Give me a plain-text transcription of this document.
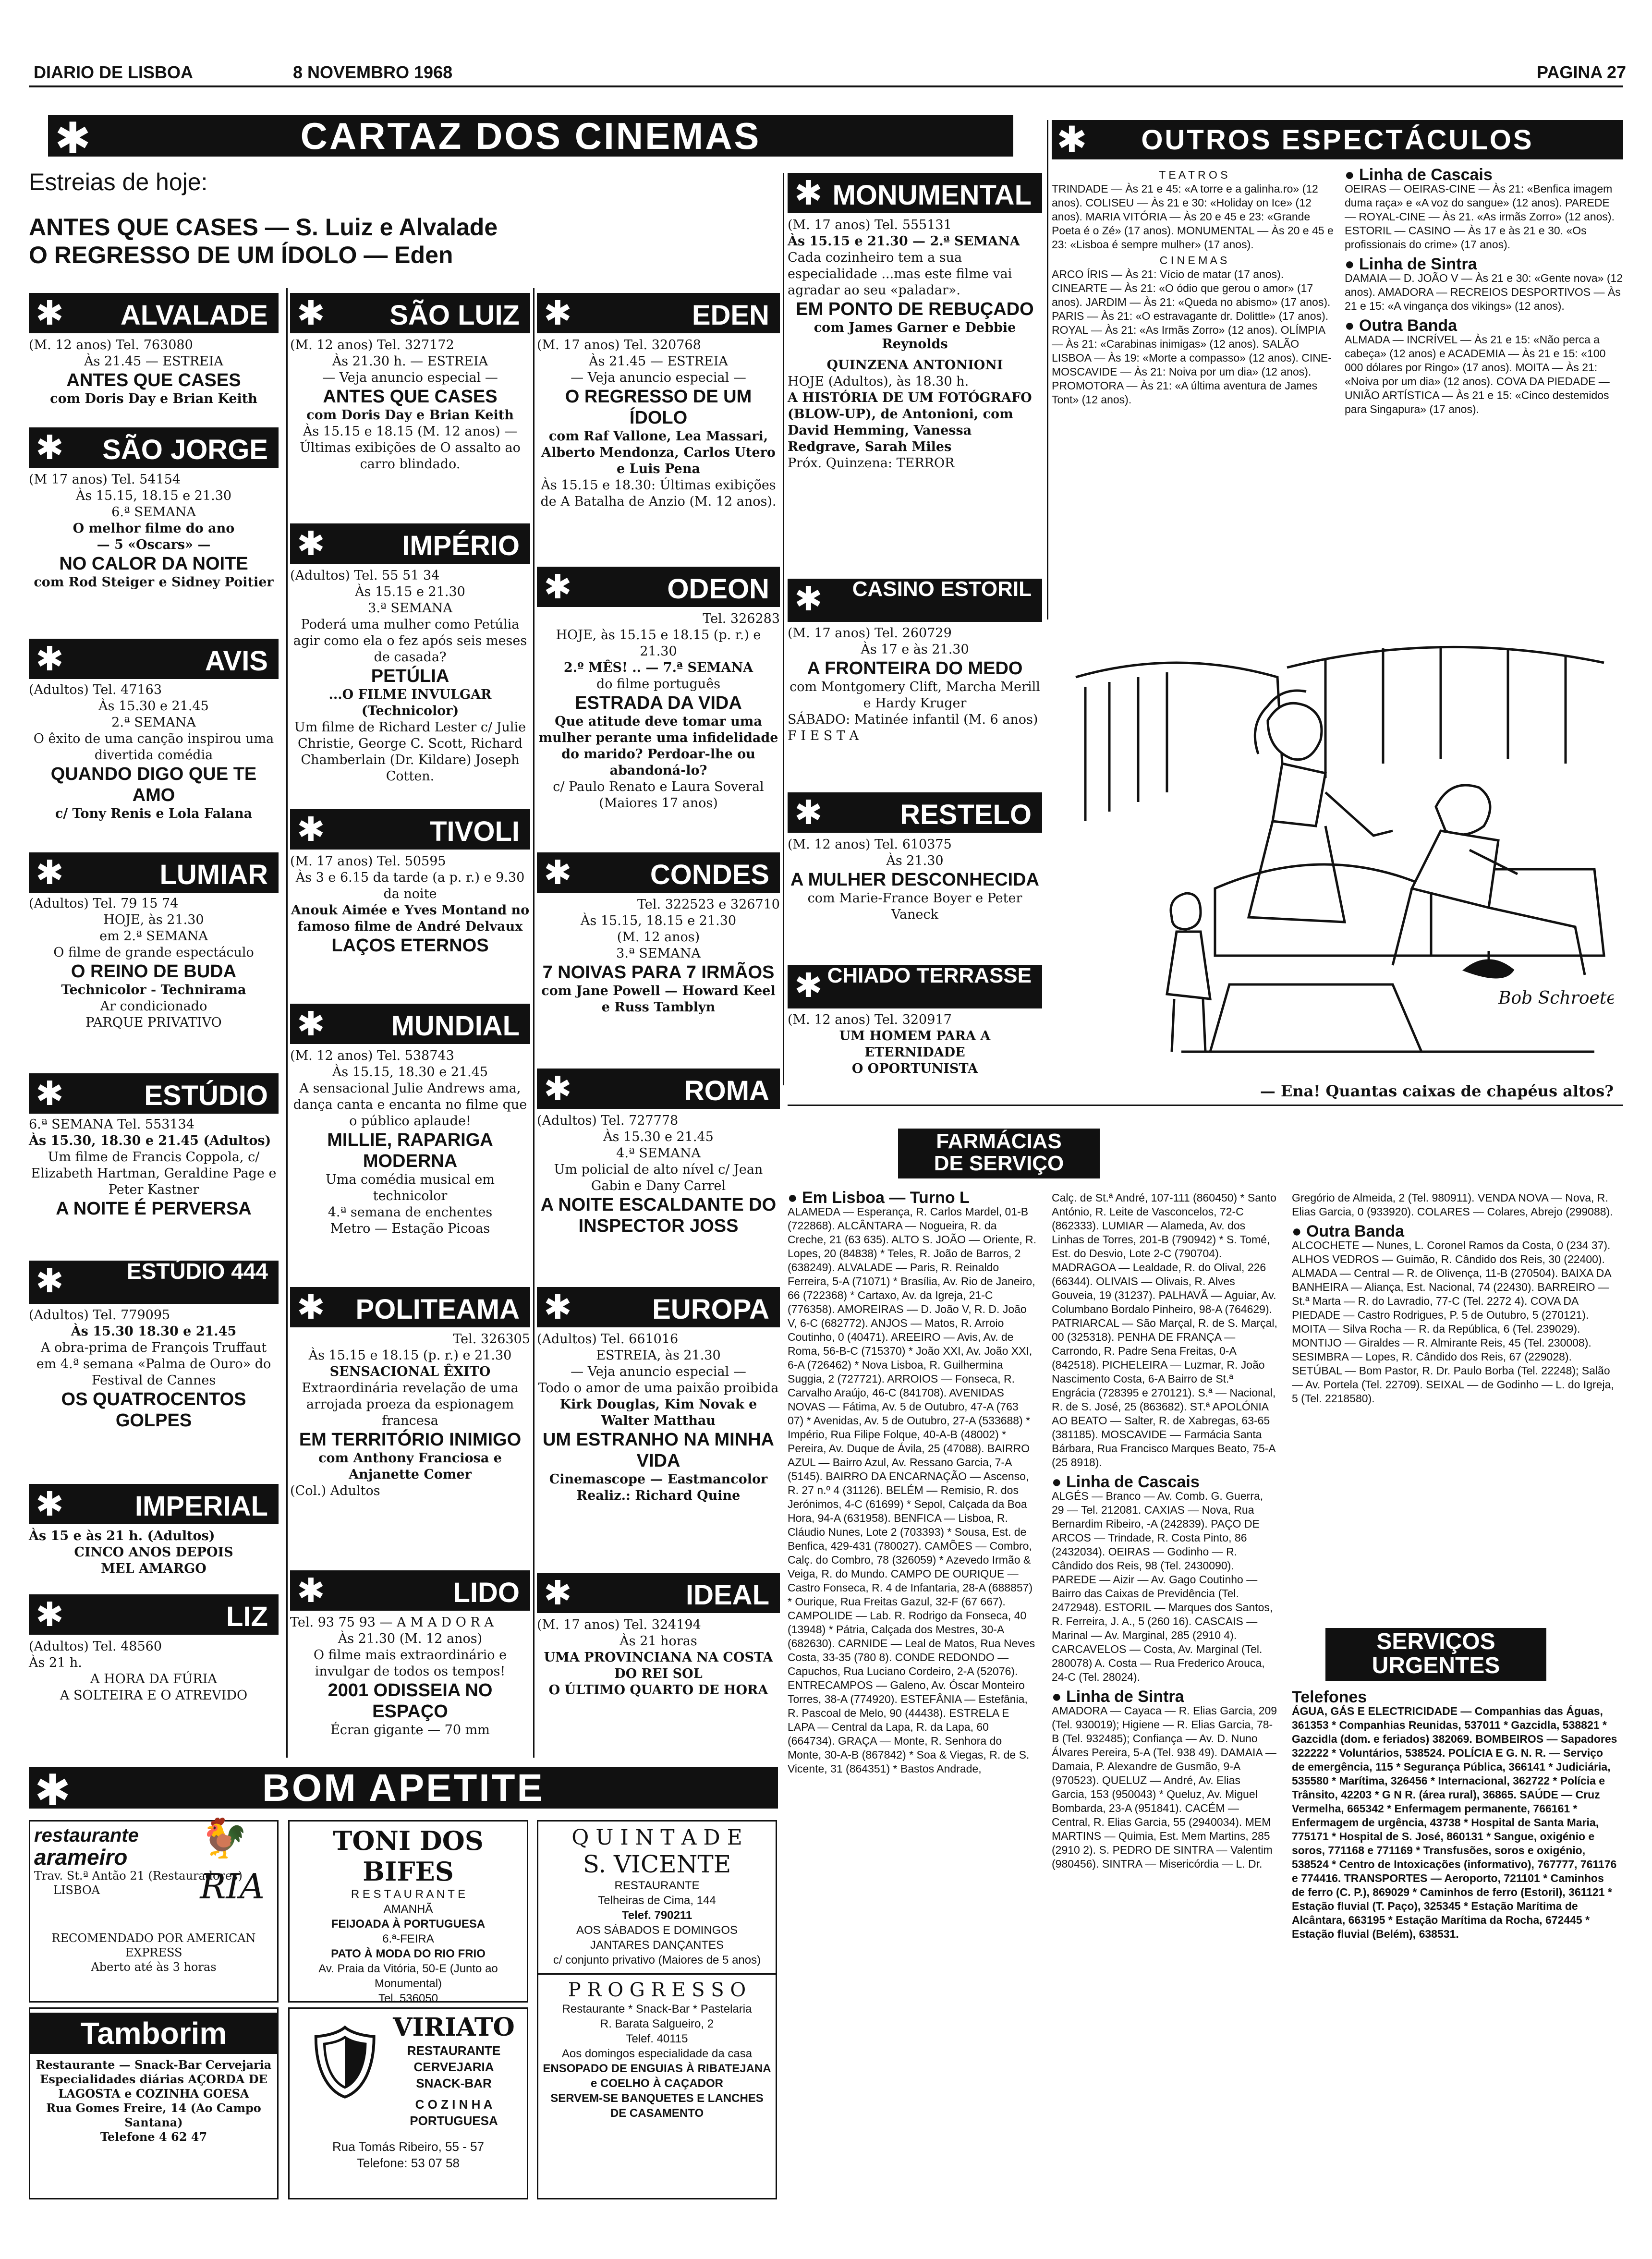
DIARIO DE LISBOA	8 NOVEMBRO 1968	PAGINA 27
✱	CARTAZ DOS CINEMAS

Estreias de hoje:

ANTES QUE CASES — S. Luiz e Alvalade

O REGRESSO DE UM ÍDOLO — Eden

✱ ALVALADE

(M. 12 anos) Tel. 763080

Às 21.45 — ESTREIA

ANTES QUE CASES

com Doris Day e Brian Keith

✱ SÃO JORGE

(M 17 anos) Tel. 54154

Às 15.15, 18.15 e 21.30

6.ª SEMANA

O melhor filme do ano

— 5 «Oscars» —

NO CALOR DA NOITE

com Rod Steiger e Sidney Poitier

✱	AVIS

(Adultos) Tel. 47163

Às 15.30 e 21.45

2.ª SEMANA

O êxito de uma canção inspirou uma divertida comédia

QUANDO DIGO QUE TE AMO

c/ Tony Renis e Lola Falana

✱	LUMIAR

(Adultos) Tel. 79 15 74

HOJE, às 21.30

em 2.ª SEMANA

O filme de grande espectáculo

O REINO DE BUDA

Technicolor - Technirama

Ar condicionado

PARQUE PRIVATIVO

✱	ESTÚDIO

6.ª SEMANA Tel. 553134

Às 15.30, 18.30 e 21.45 (Adultos)

Um filme de Francis Coppola, c/ Elizabeth Hartman, Geraldine Page e Peter Kastner

A NOITE É PERVERSA

✱	ESTÚDIO 444

(Adultos) Tel. 779095

Às 15.30 18.30 e 21.45

A obra-prima de François Truffaut em 4.ª semana «Palma de Ouro» do Festival de Cannes

OS QUATROCENTOS GOLPES

✱	IMPERIAL

Às 15 e às 21 h. (Adultos)

CINCO ANOS DEPOIS

MEL AMARGO

✱	LIZ

(Adultos) Tel. 48560

Às 21 h.

A HORA DA FÚRIA

A SOLTEIRA E O ATREVIDO

✱ SÃO LUIZ

(M. 12 anos) Tel. 327172

Às 21.30 h. — ESTREIA

— Veja anuncio especial —

ANTES QUE CASES

com Doris Day e Brian Keith

Às 15.15 e 18.15 (M. 12 anos) — Últimas exibições de O assalto ao carro blindado.

✱	IMPÉRIO

(Adultos) Tel. 55 51 34

Às 15.15 e 21.30

3.ª SEMANA

Poderá uma mulher como Petúlia agir como ela o fez após seis meses de casada?

PETÚLIA

...O FILME INVULGAR (Technicolor)

Um filme de Richard Lester c/ Julie Christie, George C. Scott, Richard Chamberlain (Dr. Kildare) Joseph Cotten.

✱	TIVOLI

(M. 17 anos) Tel. 50595

Às 3 e 6.15 da tarde (a p. r.) e 9.30 da noite

Anouk Aimée e Yves Montand no famoso filme de André Delvaux

LAÇOS ETERNOS

✱ MUNDIAL

(M. 12 anos) Tel. 538743

Às 15.15, 18.30 e 21.45

A sensacional Julie Andrews ama, dança canta e encanta no filme que o público aplaude!

MILLIE, RAPARIGA MODERNA

Uma comédia musical em technicolor

4.ª semana de enchentes

Metro — Estação Picoas

✱ POLITEAMA

Tel. 326305

Às 15.15 e 18.15 (p. r.) e 21.30

SENSACIONAL ÊXITO

Extraordinária revelação de uma arrojada proeza da espionagem francesa

EM TERRITÓRIO INIMIGO

com Anthony Franciosa e Anjanette Comer

(Col.) Adultos

✱	LIDO

Tel. 93 75 93 — A M A D O R A

Às 21.30 (M. 12 anos)

O filme mais extraordinário e invulgar de todos os tempos!

2001 ODISSEIA NO ESPAÇO

Écran gigante — 70 mm

✱	EDEN

(M. 17 anos) Tel. 320768

Às 21.45 — ESTREIA

— Veja anuncio especial —

O REGRESSO DE UM ÍDOLO

com Raf Vallone, Lea Massari, Alberto Mendonza, Carlos Utero e Luis Pena

Às 15.15 e 18.30: Últimas exibições de A Batalha de Anzio (M. 12 anos).

✱	ODEON

Tel. 326283

HOJE, às 15.15 e 18.15 (p. r.) e 21.30

2.º MÊS! .. — 7.ª SEMANA

do filme português

ESTRADA DA VIDA

Que atitude deve tomar uma mulher perante uma infidelidade do marido? Perdoar-lhe ou abandoná-lo?

c/ Paulo Renato e Laura Soveral (Maiores 17 anos)

✱	CONDES

Tel. 322523 e 326710

Às 15.15, 18.15 e 21.30

(M. 12 anos)

3.ª SEMANA

7 NOIVAS PARA 7 IRMÃOS

com Jane Powell — Howard Keel e Russ Tamblyn

✱	ROMA

(Adultos) Tel. 727778

Às 15.30 e 21.45

4.ª SEMANA

Um policial de alto nível c/ Jean Gabin e Dany Carrel

A NOITE ESCALDANTE DO INSPECTOR JOSS

✱	EUROPA

(Adultos) Tel. 661016

ESTREIA, às 21.30

— Veja anuncio especial —

Todo o amor de uma paixão proibida

Kirk Douglas, Kim Novak e Walter Matthau

UM ESTRANHO NA MINHA VIDA

Cinemascope — Eastmancolor

Realiz.: Richard Quine

✱	IDEAL

(M. 17 anos) Tel. 324194

Às 21 horas

UMA PROVINCIANA NA COSTA DO REI SOL

O ÚLTIMO QUARTO DE HORA

✱ MONUMENTAL

(M. 17 anos) Tel. 555131

Às 15.15 e 21.30 — 2.ª SEMANA

Cada cozinheiro tem a sua especialidade ...mas este filme vai agradar ao seu «paladar».

EM PONTO DE REBUÇADO

com James Garner e Debbie Reynolds

QUINZENA ANTONIONI

HOJE (Adultos), às 18.30 h.

A HISTÓRIA DE UM FOTÓGRAFO (BLOW-UP), de Antonioni, com David Hemming, Vanessa Redgrave, Sarah Miles

Próx. Quinzena: TERROR

✱ CASINO ESTORIL

(M. 17 anos) Tel. 260729

Às 17 e às 21.30

A FRONTEIRA DO MEDO

com Montgomery Clift, Marcha Merill e Hardy Kruger

SÁBADO: Matinée infantil (M. 6 anos) F I E S T A

✱	RESTELO

(M. 12 anos) Tel. 610375

Às 21.30

A MULHER DESCONHECIDA

com Marie-France Boyer e Peter Vaneck

✱ CHIADO TERRASSE

(M. 12 anos) Tel. 320917

UM HOMEM PARA A ETERNIDADE

O OPORTUNISTA

✱ OUTROS ESPECTÁCULOS

T E A T R O S

TRINDADE — Às 21 e 45: «A torre e a galinha.ro» (12 anos). COLISEU — Às 21 e 30: «Holiday on Ice» (12 anos). MARIA VITÓRIA — Às 20 e 45 e 23: «Grande Poeta é o Zé» (17 anos). MONUMENTAL — Às 20 e 45 e 23: «Lisboa é sempre mulher» (17 anos).

C I N E M A S

ARCO ÍRIS — Às 21: Vício de matar (17 anos). CINEARTE — Às 21: «O ódio que gerou o amor» (17 anos). JARDIM — Às 21: «Queda no abismo» (17 anos). PARIS — Às 21: «O estravagante dr. Dolittle» (17 anos). ROYAL — Às 21: «As Irmãs Zorro» (12 anos). OLÍMPIA — Às 21: «Carabinas inimigas» (12 anos). SALÃO LISBOA — Às 19: «Morte a compasso» (12 anos). CINE-MOSCAVIDE — Às 21: Noiva por um dia» (12 anos). PROMOTORA — Às 21: «A última aventura de James Tont» (12 anos).

● Linha de Cascais

OEIRAS — OEIRAS-CINE — Às 21: «Benfica imagem duma raça» e «A voz do sangue» (12 anos). PAREDE — ROYAL-CINE — Às 21. «As irmãs Zorro» (12 anos). ESTORIL — CASINO — Às 17 e às 21 e 30. «Os profissionais do crime» (17 anos).

● Linha de Sintra

DAMAIA — D. JOÃO V — Às 21 e 30: «Gente nova» (12 anos). AMADORA — RECREIOS DESPORTIVOS — Às 21 e 15: «A vingança dos vikings» (12 anos).

● Outra Banda

ALMADA — INCRÍVEL — Às 21 e 15: «Não perca a cabeça» (12 anos) e ACADEMIA — Às 21 e 15: «100 000 dólares por Ringo» (17 anos). MOITA — Às 21: «Noiva por um dia» (12 anos). COVA DA PIEDADE — UNIÃO ARTÍSTICA — Às 21 e 15: «Cinco destemidos para Singapura» (17 anos).

Bob Schroeter
— Ena! Quantas caixas de chapéus altos?
FARMÁCIAS
DE SERVIÇO

● Em Lisboa — Turno L

ALAMEDA — Esperança, R. Carlos Mardel, 01-B (722868). ALCÂNTARA — Nogueira, R. da Creche, 21 (63 635). ALTO S. JOÃO — Oriente, R. Lopes, 20 (84838) * Teles, R. João de Barros, 2 (638249). ALVALADE — Paris, R. Reinaldo Ferreira, 5-A (71071) * Brasília, Av. Rio de Janeiro, 66 (722368) * Cartaxo, Av. da Igreja, 21-C (776358). AMOREIRAS — D. João V, R. D. João V, 6-C (682772). ANJOS — Matos, R. Arroio Coutinho, 0 (40471). AREEIRO — Avis, Av. de Roma, 56-B-C (715370) * João XXI, Av. João XXI, 6-A (726462) * Nova Lisboa, R. Guilhermina Suggia, 2 (727721). ARROIOS — Fonseca, R. Carvalho Araújo, 46-C (841708). AVENIDAS NOVAS — Fátima, Av. 5 de Outubro, 47-A (763 07) * Avenidas, Av. 5 de Outubro, 27-A (533688) * Império, Rua Filipe Folque, 40-A-B (48002) * Pereira, Av. Duque de Ávila, 25 (47088). BAIRRO AZUL — Bairro Azul, Av. Ressano Garcia, 7-A (5145). BAIRRO DA ENCARNAÇÃO — Ascenso, R. 27 n.º 4 (31126). BELÉM — Remisio, R. dos Jerónimos, 4-C (61699) * Sepol, Calçada da Boa Hora, 94-A (631958). BENFICA — Lisboa, R. Cláudio Nunes, Lote 2 (703393) * Sousa, Est. de Benfica, 429-431 (780027). CAMÕES — Combro, Calç. do Combro, 78 (326059) * Azevedo Irmão & Veiga, R. do Mundo. CAMPO DE OURIQUE — Castro Fonseca, R. 4 de Infantaria, 28-A (688857) * Ourique, Rua Freitas Gazul, 32-F (67 667). CAMPOLIDE — Lab. R. Rodrigo da Fonseca, 40 (13948) * Pátria, Calçada dos Mestres, 30-A (682630). CARNIDE — Leal de Matos, Rua Neves Costa, 33-35 (780 8). CONDE REDONDO — Capuchos, Rua Luciano Cordeiro, 2-A (52076). ENTRECAMPOS — Galeno, Av. Óscar Monteiro Torres, 38-A (774920). ESTEFÂNIA — Estefânia, R. Pascoal de Melo, 90 (44438). ESTRELA E LAPA — Central da Lapa, R. da Lapa, 60 (664734). GRAÇA — Monte, R. Senhora do Monte, 30-A-B (867842) * Soa & Viegas, R. de S. Vicente, 31 (864351) * Bastos Andrade,

Calç. de St.ª André, 107-111 (860450) * Santo António, R. Leite de Vasconcelos, 72-C (862333). LUMIAR — Alameda, Av. dos Linhas de Torres, 201-B (790942) * S. Tomé, Est. do Desvio, Lote 2-C (790704). MADRAGOA — Lealdade, R. do Olival, 226 (66344). OLIVAIS — Olivais, R. Alves Gouveia, 19 (31237). PALHAVÃ — Aguiar, Av. Columbano Bordalo Pinheiro, 98-A (764629). PATRIARCAL — São Marçal, R. de S. Marçal, 00 (325318). PENHA DE FRANÇA — Carrondo, R. Padre Sena Freitas, 0-A (842518). PICHELEIRA — Luzmar, R. João Nascimento Costa, 6-A Bairro de St.ª Engrácia (728395 e 270121). S.ª — Nacional, R. de S. José, 25 (863682). ST.ª APOLÓNIA AO BEATO — Salter, R. de Xabregas, 63-65 (381185). MOSCAVIDE — Farmácia Santa Bárbara, Rua Francisco Marques Beato, 75-A (25 8918).

● Linha de Cascais

ALGÉS — Branco — Av. Comb. G. Guerra, 29 — Tel. 212081. CAXIAS — Nova, Rua Bernardim Ribeiro, -A (242839). PAÇO DE ARCOS — Trindade, R. Costa Pinto, 86 (2432034). OEIRAS — Godinho — R. Cândido dos Reis, 98 (Tel. 2430090). PAREDE — Aizir — Av. Gago Coutinho — Bairro das Caixas de Previdência (Tel. 2472948). ESTORIL — Marques dos Santos, R. Ferreira, J. A., 5 (260 16). CASCAIS — Marinal — Av. Marginal, 285 (2910 4). CARCAVELOS — Costa, Av. Marginal (Tel. 280078) A. Costa — Rua Frederico Arouca, 24-C (Tel. 28024).

● Linha de Sintra

AMADORA — Cayaca — R. Elias Garcia, 209 (Tel. 930019); Higiene — R. Elias Garcia, 78-B (Tel. 932485); Confiança — Av. D. Nuno Álvares Pereira, 5-A (Tel. 938 49). DAMAIA — Damaia, P. Alexandre de Gusmão, 9-A (970523). QUELUZ — André, Av. Elias Garcia, 153 (950043) * Queluz, Av. Miguel Bombarda, 23-A (951841). CACÉM — Central, R. Elias Garcia, 55 (2940034). MEM MARTINS — Quimia, Est. Mem Martins, 285 (2910 2). S. PEDRO DE SINTRA — Valentim (980456). SINTRA — Misericórdia — L. Dr.

Gregório de Almeida, 2 (Tel. 980911). VENDA NOVA — Nova, R. Elias Garcia, 0 (933920). COLARES — Colares, Abrejo (299088).

● Outra Banda

ALCOCHETE — Nunes, L. Coronel Ramos da Costa, 0 (234 37). ALHOS VEDROS — Guimão, R. Cândido dos Reis, 30 (22400). ALMADA — Central — R. de Olivença, 11-B (270504). BAIXA DA BANHEIRA — Aliança, Est. Nacional, 74 (22430). BARREIRO — St.ª Marta — R. do Lavradio, 77-C (Tel. 2272 4). COVA DA PIEDADE — Castro Rodrigues, P. 5 de Outubro, 5 (270121). MOITA — Silva Rocha — R. da República, 6 (Tel. 239029). MONTIJO — Giraldes — R. Almirante Reis, 45 (Tel. 230008). SESIMBRA — Lopes, R. Cândido dos Reis, 67 (229028). SETÚBAL — Bom Pastor, R. Dr. Paulo Borba (Tel. 22248); Salão — Av. Portela (Tel. 22709). SEIXAL — de Godinho — L. do Igreja, 5 (Tel. 2218580).

SERVIÇOS
URGENTES

Telefones

ÁGUA, GÁS E ELECTRICIDADE — Companhias das Águas, 361353 * Companhias Reunidas, 537011 * Gazcidla, 538821 * Gazcidla (dom. e feriados) 382069. BOMBEIROS — Sapadores 322222 * Voluntários, 538524. POLÍCIA E G. N. R. — Serviço de emergência, 115 * Segurança Pública, 366141 * Judiciária, 535580 * Marítima, 326456 * Internacional, 362722 * Polícia e Trânsito, 42203 * G N R. (área rural), 36865. SAÚDE — Cruz Vermelha, 665342 * Enfermagem permanente, 766161 * Enfermagem de urgência, 43738 * Hospital de Santa Maria, 775171 * Hospital de S. José, 860131 * Sangue, oxigénio e soros, 771168 e 771169 * Transfusões, soros e oxigénio, 538524 * Centro de Intoxicações (informativo), 767777, 761176 e 774416. TRANSPORTES — Aeroporto, 721101 * Caminhos de ferro (C. P.), 869029 * Caminhos de ferro (Estoril), 361121 * Estação fluvial (T. Paço), 325345 * Estação Marítima de Alcântara, 663195 * Estação Marítima da Rocha, 672445 * Estação fluvial (Belém), 638531.

✱	BOM APETITE
restaurante
arameiro
Trav. St.ª Antão 21 (Restauradores)
LISBOA	RIA
🐓
RECOMENDADO POR AMERICAN EXPRESS
Aberto até às 3 horas
Tamborim
Restaurante — Snack-Bar Cervejaria
Especialidades diárias AÇORDA DE LAGOSTA e COZINHA GOESA
Rua Gomes Freire, 14 (Ao Campo Santana)
Telefone 4 62 47
TONI DOS BIFES
R E S T A U R A N T E
AMANHÃ
FEIJOADA À PORTUGUESA
6.ª-FEIRA
PATO À MODA DO RIO FRIO
Av. Praia da Vitória, 50-E (Junto ao Monumental)
Tel. 536050
🛡 VIRIATO
RESTAURANTE
CERVEJARIA
SNACK-BAR
C O Z I N H A
PORTUGUESA
Rua Tomás Ribeiro, 55 - 57
Telefone: 53 07 58
Q U I N T A D E
S. VICENTE
RESTAURANTE
Telheiras de Cima, 144
Telef. 790211
AOS SÁBADOS E DOMINGOS
JANTARES DANÇANTES
c/ conjunto privativo (Maiores de 5 anos)
P R O G R E S S O
Restaurante * Snack-Bar * Pastelaria
R. Barata Salgueiro, 2
Telef. 40115
Aos domingos especialidade da casa
ENSOPADO DE ENGUIAS À RIBATEJANA e COELHO À CAÇADOR
SERVEM-SE BANQUETES E LANCHES DE CASAMENTO
